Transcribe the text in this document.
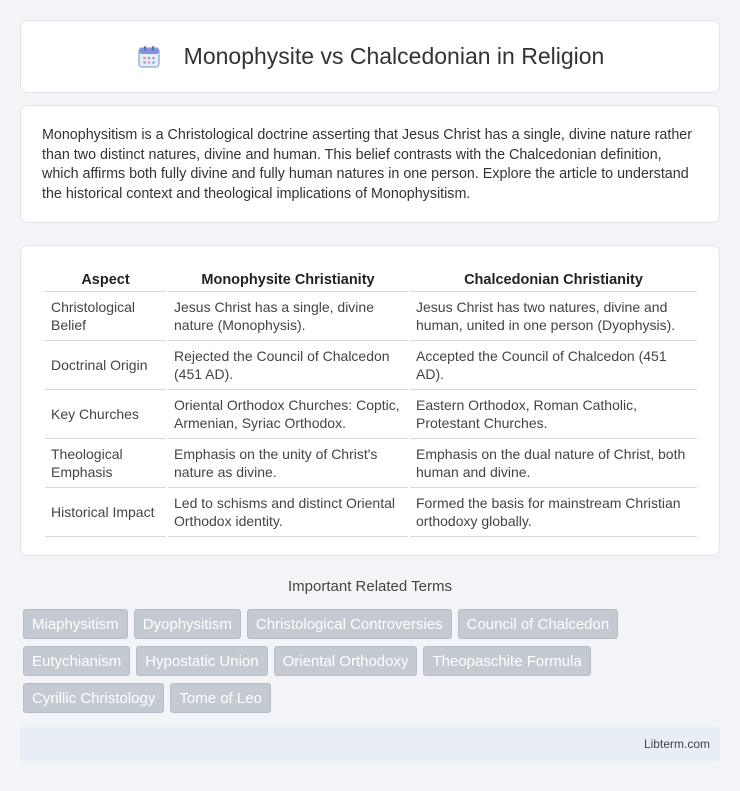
Monophysite vs Chalcedonian in Religion

Monophysitism is a Christological doctrine asserting that Jesus Christ has a single, divine nature rather than two distinct natures, divine and human. This belief contrasts with the Chalcedonian definition, which affirms both fully divine and fully human natures in one person. Explore the article to understand the historical context and theological implications of Monophysitism.

Aspect	Monophysite Christianity	Chalcedonian Christianity
Christological Belief	Jesus Christ has a single, divine nature (Monophysis).	Jesus Christ has two natures, divine and human, united in one person (Dyophysis).
Doctrinal Origin	Rejected the Council of Chalcedon (451 AD).	Accepted the Council of Chalcedon (451 AD).
Key Churches	Oriental Orthodox Churches: Coptic, Armenian, Syriac Orthodox.	Eastern Orthodox, Roman Catholic, Protestant Churches.
Theological Emphasis	Emphasis on the unity of Christ's nature as divine.	Emphasis on the dual nature of Christ, both human and divine.
Historical Impact	Led to schisms and distinct Oriental Orthodox identity.	Formed the basis for mainstream Christian orthodoxy globally.
Important Related Terms
Miaphysitism	Dyophysitism	Christological Controversies	Council of Chalcedon
Eutychianism	Hypostatic Union	Oriental Orthodoxy	Theopaschite Formula
Cyrillic Christology	Tome of Leo
Libterm.com
